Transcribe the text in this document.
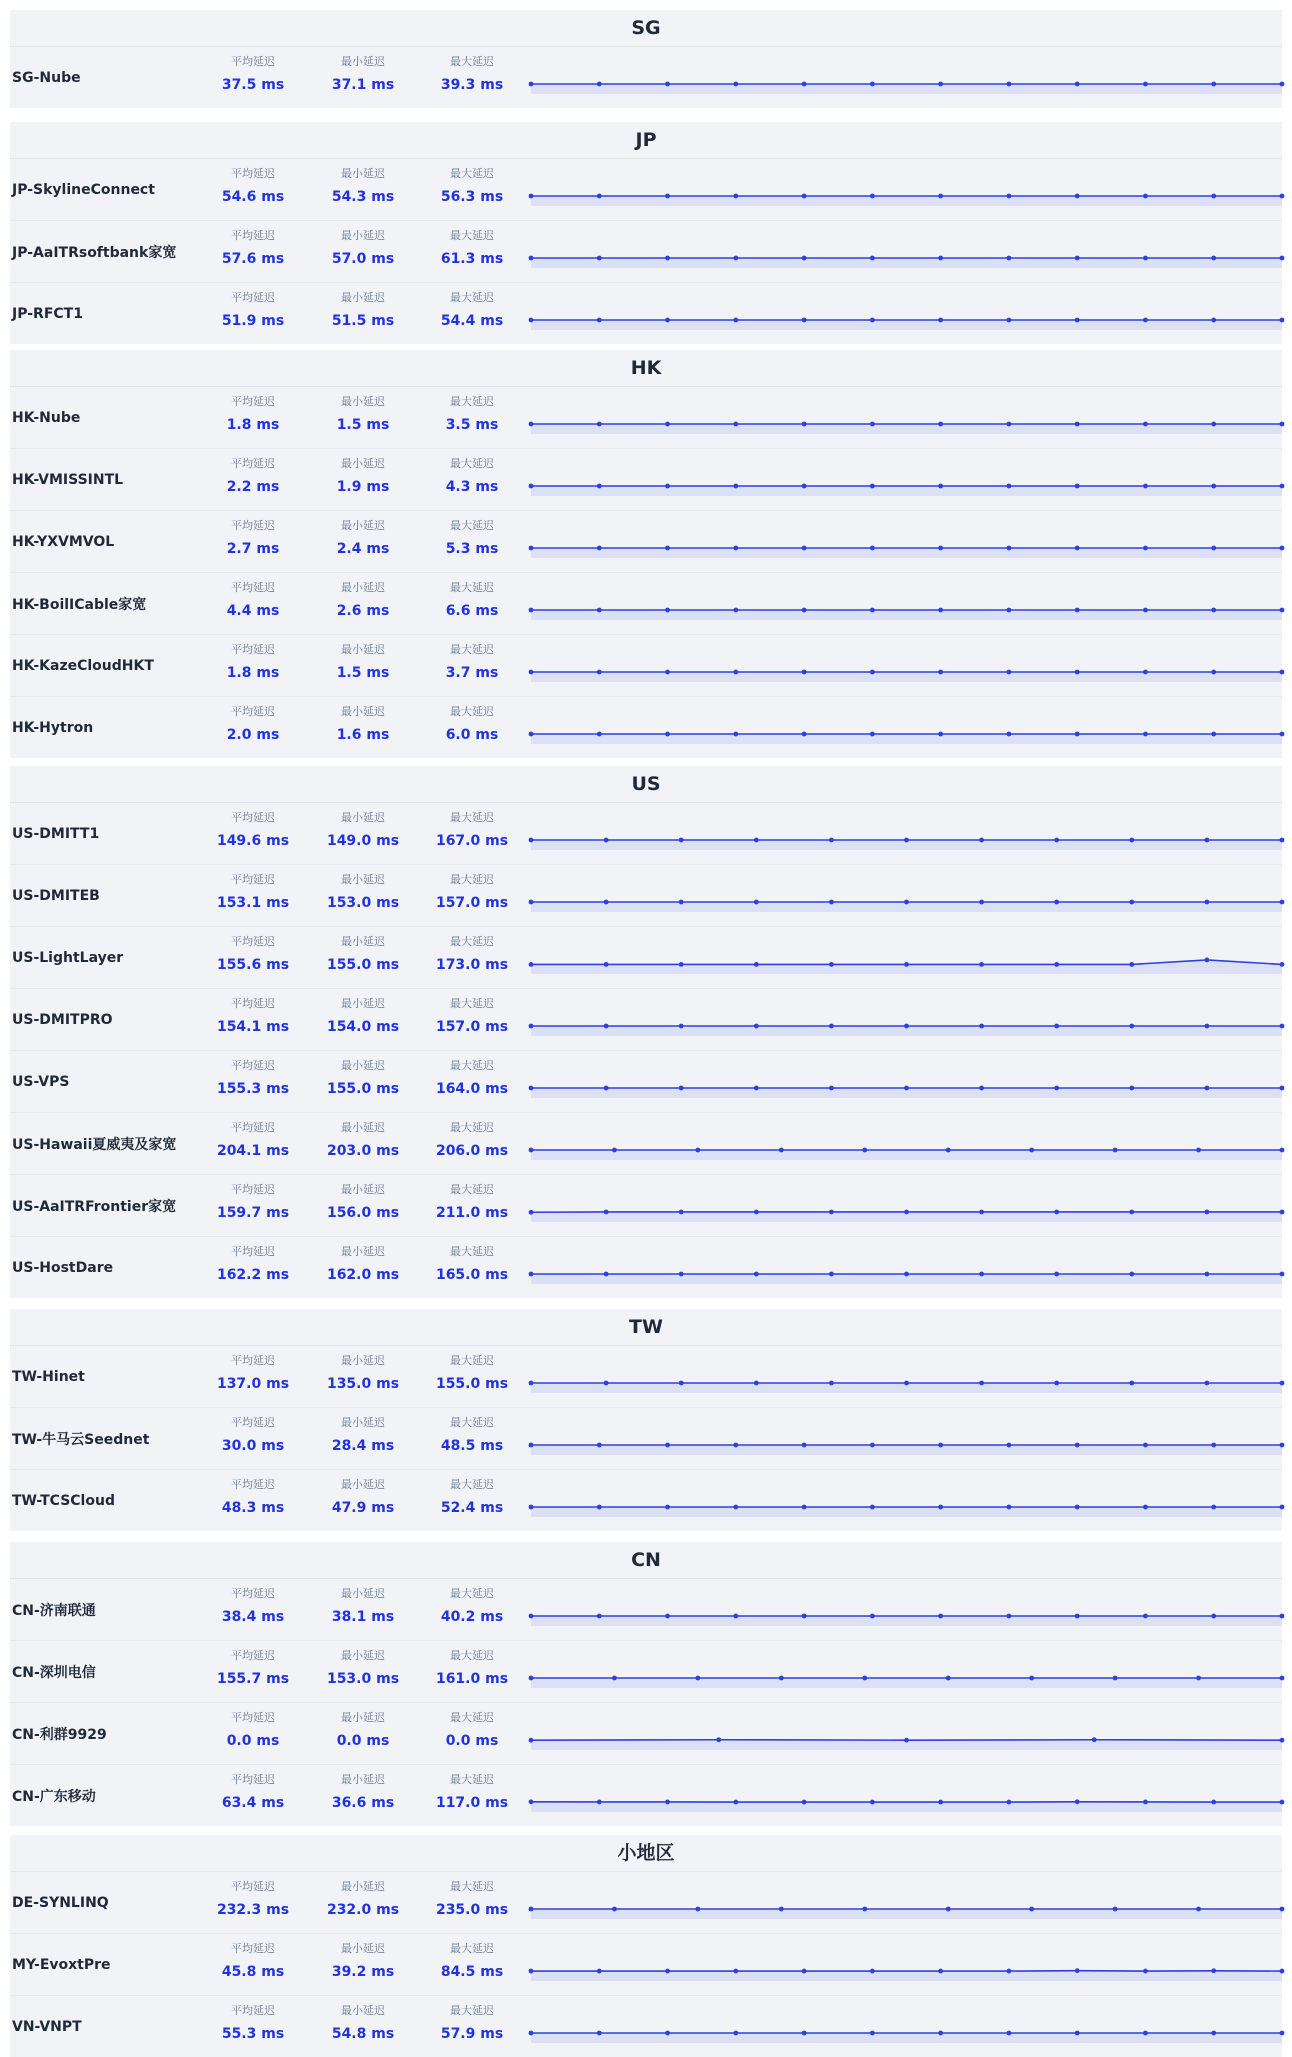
SG
SG-Nube
平均延迟
37.5 ms
最小延迟
37.1 ms
最大延迟
39.3 ms
JP
JP-SkylineConnect
平均延迟
54.6 ms
最小延迟
54.3 ms
最大延迟
56.3 ms
JP-AaITRsoftbank家宽
平均延迟
57.6 ms
最小延迟
57.0 ms
最大延迟
61.3 ms
JP-RFCT1
平均延迟
51.9 ms
最小延迟
51.5 ms
最大延迟
54.4 ms
HK
HK-Nube
平均延迟
1.8 ms
最小延迟
1.5 ms
最大延迟
3.5 ms
HK-VMISSINTL
平均延迟
2.2 ms
最小延迟
1.9 ms
最大延迟
4.3 ms
HK-YXVMVOL
平均延迟
2.7 ms
最小延迟
2.4 ms
最大延迟
5.3 ms
HK-BoilICable家宽
平均延迟
4.4 ms
最小延迟
2.6 ms
最大延迟
6.6 ms
HK-KazeCloudHKT
平均延迟
1.8 ms
最小延迟
1.5 ms
最大延迟
3.7 ms
HK-Hytron
平均延迟
2.0 ms
最小延迟
1.6 ms
最大延迟
6.0 ms
US
US-DMITT1
平均延迟
149.6 ms
最小延迟
149.0 ms
最大延迟
167.0 ms
US-DMITEB
平均延迟
153.1 ms
最小延迟
153.0 ms
最大延迟
157.0 ms
US-LightLayer
平均延迟
155.6 ms
最小延迟
155.0 ms
最大延迟
173.0 ms
US-DMITPRO
平均延迟
154.1 ms
最小延迟
154.0 ms
最大延迟
157.0 ms
US-VPS
平均延迟
155.3 ms
最小延迟
155.0 ms
最大延迟
164.0 ms
US-Hawaii夏威夷及家宽
平均延迟
204.1 ms
最小延迟
203.0 ms
最大延迟
206.0 ms
US-AaITRFrontier家宽
平均延迟
159.7 ms
最小延迟
156.0 ms
最大延迟
211.0 ms
US-HostDare
平均延迟
162.2 ms
最小延迟
162.0 ms
最大延迟
165.0 ms
TW
TW-Hinet
平均延迟
137.0 ms
最小延迟
135.0 ms
最大延迟
155.0 ms
TW-牛马云Seednet
平均延迟
30.0 ms
最小延迟
28.4 ms
最大延迟
48.5 ms
TW-TCSCloud
平均延迟
48.3 ms
最小延迟
47.9 ms
最大延迟
52.4 ms
CN
CN-济南联通
平均延迟
38.4 ms
最小延迟
38.1 ms
最大延迟
40.2 ms
CN-深圳电信
平均延迟
155.7 ms
最小延迟
153.0 ms
最大延迟
161.0 ms
CN-利群9929
平均延迟
0.0 ms
最小延迟
0.0 ms
最大延迟
0.0 ms
CN-广东移动
平均延迟
63.4 ms
最小延迟
36.6 ms
最大延迟
117.0 ms
小地区
DE-SYNLINQ
平均延迟
232.3 ms
最小延迟
232.0 ms
最大延迟
235.0 ms
MY-EvoxtPre
平均延迟
45.8 ms
最小延迟
39.2 ms
最大延迟
84.5 ms
VN-VNPT
平均延迟
55.3 ms
最小延迟
54.8 ms
最大延迟
57.9 ms
